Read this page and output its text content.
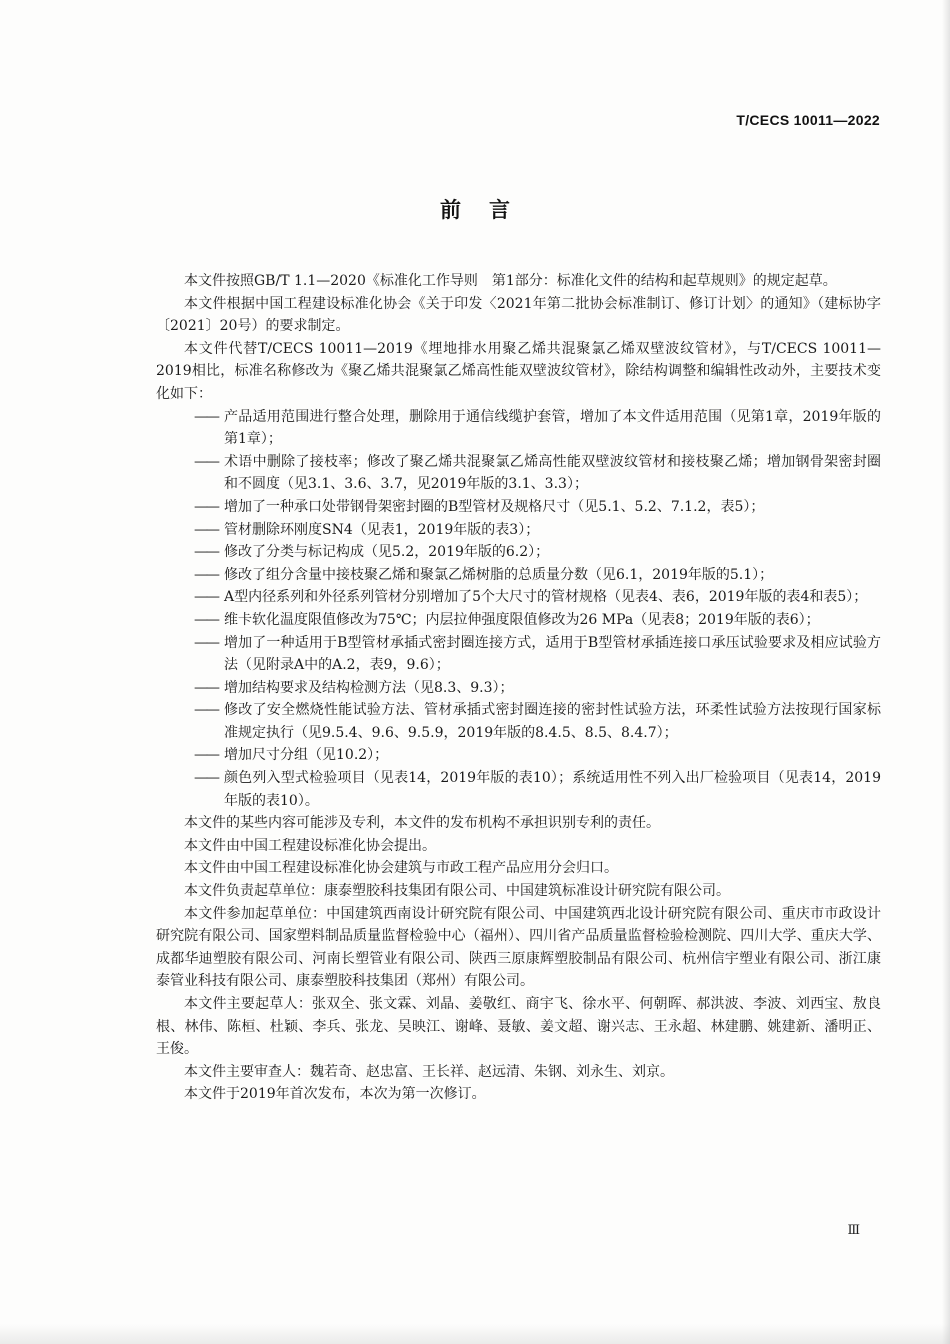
T/CECS 10011—2022
前言

本文件按照GB/T 1.1—2020《标准化工作导则　第1部分：标准化文件的结构和起草规则》的规定起草。

本文件根据中国工程建设标准化协会《关于印发〈2021年第二批协会标准制订、修订计划〉的通知》（建标协字〔2021〕20号）的要求制定。

本文件代替T/CECS 10011—2019《埋地排水用聚乙烯共混聚氯乙烯双壁波纹管材》，与T/CECS 10011—2019相比，标准名称修改为《聚乙烯共混聚氯乙烯高性能双壁波纹管材》，除结构调整和编辑性改动外，主要技术变化如下：

—— 产品适用范围进行整合处理，删除用于通信线缆护套管，增加了本文件适用范围（见第1章，2019年版的第1章）；
—— 术语中删除了接枝率；修改了聚乙烯共混聚氯乙烯高性能双壁波纹管材和接枝聚乙烯；增加钢骨架密封圈和不圆度（见3.1、3.6、3.7，见2019年版的3.1、3.3）；
—— 增加了一种承口处带钢骨架密封圈的B型管材及规格尺寸（见5.1、5.2、7.1.2，表5）；
—— 管材删除环刚度SN4（见表1，2019年版的表3）；
—— 修改了分类与标记构成（见5.2，2019年版的6.2）；
—— 修改了组分含量中接枝聚乙烯和聚氯乙烯树脂的总质量分数（见6.1，2019年版的5.1）；
—— A型内径系列和外径系列管材分别增加了5个大尺寸的管材规格（见表4、表6，2019年版的表4和表5）；
—— 维卡软化温度限值修改为75℃；内层拉伸强度限值修改为26 MPa（见表8；2019年版的表6）；
—— 增加了一种适用于B型管材承插式密封圈连接方式，适用于B型管材承插连接口承压试验要求及相应试验方法（见附录A中的A.2，表9，9.6）；
—— 增加结构要求及结构检测方法（见8.3、9.3）；
—— 修改了安全燃烧性能试验方法、管材承插式密封圈连接的密封性试验方法，环柔性试验方法按现行国家标准规定执行（见9.5.4、9.6、9.5.9，2019年版的8.4.5、8.5、8.4.7）；
—— 增加尺寸分组（见10.2）；
—— 颜色列入型式检验项目（见表14，2019年版的表10）；系统适用性不列入出厂检验项目（见表14，2019年版的表10）。

本文件的某些内容可能涉及专利，本文件的发布机构不承担识别专利的责任。

本文件由中国工程建设标准化协会提出。

本文件由中国工程建设标准化协会建筑与市政工程产品应用分会归口。

本文件负责起草单位：康泰塑胶科技集团有限公司、中国建筑标准设计研究院有限公司。

本文件参加起草单位：中国建筑西南设计研究院有限公司、中国建筑西北设计研究院有限公司、重庆市市政设计研究院有限公司、国家塑料制品质量监督检验中心（福州）、四川省产品质量监督检验检测院、四川大学、重庆大学、成都华迪塑胶有限公司、河南长塑管业有限公司、陕西三原康辉塑胶制品有限公司、杭州信宇塑业有限公司、浙江康泰管业科技有限公司、康泰塑胶科技集团（郑州）有限公司。

本文件主要起草人：张双全、张文霖、刘晶、姜敬红、商宇飞、徐水平、何朝晖、郝洪波、李波、刘西宝、敖良根、林伟、陈桓、杜颖、李兵、张龙、吴映江、谢峰、聂敏、姜文超、谢兴志、王永超、林建鹏、姚建新、潘明正、王俊。

本文件主要审查人：魏若奇、赵忠富、王长祥、赵远清、朱钢、刘永生、刘京。

本文件于2019年首次发布，本次为第一次修订。

Ⅲ
